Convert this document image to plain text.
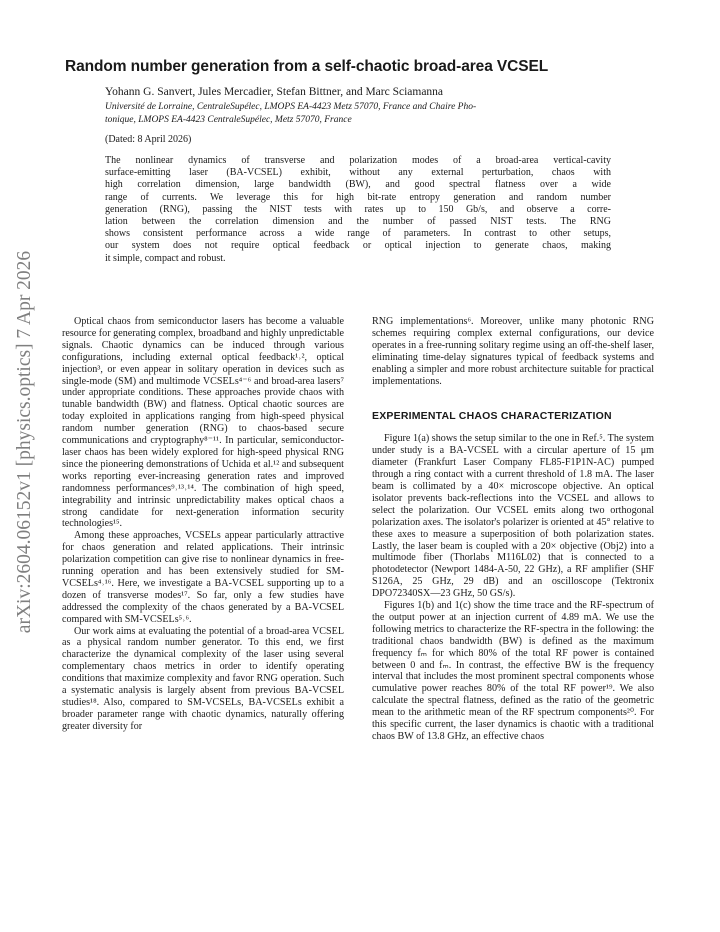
arXiv:2604.06152v1 [physics.optics] 7 Apr 2026
Random number generation from a self-chaotic broad-area VCSEL
Yohann G. Sanvert, Jules Mercadier, Stefan Bittner, and Marc Sciamanna
Université de Lorraine, CentraleSupélec, LMOPS EA-4423 Metz 57070, France and Chaire Pho-
tonique, LMOPS EA-4423 CentraleSupélec, Metz 57070, France
(Dated: 8 April 2026)
The nonlinear dynamics of transverse and polarization modes of a broad-area vertical-cavity
surface-emitting laser (BA-VCSEL) exhibit, without any external perturbation, chaos with
high correlation dimension, large bandwidth (BW), and good spectral flatness over a wide
range of currents. We leverage this for high bit-rate entropy generation and random number
generation (RNG), passing the NIST tests with rates up to 150 Gb/s, and observe a corre-
lation between the correlation dimension and the number of passed NIST tests. The RNG
shows consistent performance across a wide range of parameters. In contrast to other setups,
our system does not require optical feedback or optical injection to generate chaos, making
it simple, compact and robust.

Optical chaos from semiconductor lasers has become a valuable resource for generating complex, broadband and highly unpredictable signals. Chaotic dynamics can be induced through various configurations, including external optical feedback¹˒², optical injection³, or even appear in solitary operation in devices such as single-mode (SM) and multimode VCSELs⁴⁻⁶ and broad-area lasers⁷ under appropriate conditions. These approaches provide chaos with tunable bandwidth (BW) and flatness. Optical chaotic sources are today exploited in applications ranging from high-speed physical random number generation (RNG) to chaos-based secure communications and cryptography⁸⁻¹¹. In particular, semiconductor-laser chaos has been widely explored for high-speed physical RNG since the pioneering demonstrations of Uchida et al.¹² and subsequent works reporting ever-increasing generation rates and improved randomness performances⁹˒¹³˒¹⁴. The combination of high speed, integrability and intrinsic unpredictability makes optical chaos a strong candidate for next-generation information security technologies¹⁵.

Among these approaches, VCSELs appear particularly attractive for chaos generation and related applications. Their intrinsic polarization competition can give rise to nonlinear dynamics in free-running operation and has been extensively studied for SM-VCSELs⁴˒¹⁶. Here, we investigate a BA-VCSEL supporting up to a dozen of transverse modes¹⁷. So far, only a few studies have addressed the complexity of the chaos generated by a BA-VCSEL compared with SM-VCSELs⁵˒⁶.

Our work aims at evaluating the potential of a broad-area VCSEL as a physical random number generator. To this end, we first characterize the dynamical complexity of the laser using several complementary chaos metrics in order to identify operating conditions that maximize complexity and favor RNG operation. Such a systematic analysis is largely absent from previous BA-VCSEL studies¹⁸. Also, compared to SM-VCSELs, BA-VCSELs exhibit a broader parameter range with chaotic dynamics, naturally offering greater diversity for

RNG implementations⁶. Moreover, unlike many photonic RNG schemes requiring complex external configurations, our device operates in a free-running solitary regime using an off-the-shelf laser, eliminating time-delay signatures typical of feedback systems and enabling a simpler and more robust architecture suitable for practical implementations.

EXPERIMENTAL CHAOS CHARACTERIZATION

Figure 1(a) shows the setup similar to the one in Ref.⁵. The system under study is a BA-VCSEL with a circular aperture of 15 μm diameter (Frankfurt Laser Company FL85-F1P1N-AC) pumped through a ring contact with a current threshold of 1.8 mA. The laser beam is collimated by a 40× microscope objective. An optical isolator prevents back-reflections into the VCSEL and allows to select the polarization. Our VCSEL emits along two orthogonal polarization axes. The isolator's polarizer is oriented at 45° relative to these axes to measure a superposition of both polarization states. Lastly, the laser beam is coupled with a 20× objective (Obj2) into a multimode fiber (Thorlabs M116L02) that is connected to a photodetector (Newport 1484-A-50, 22 GHz), a RF amplifier (SHF S126A, 25 GHz, 29 dB) and an oscilloscope (Tektronix DPO72340SX—23 GHz, 50 GS/s).

Figures 1(b) and 1(c) show the time trace and the RF-spectrum of the output power at an injection current of 4.89 mA. We use the following metrics to characterize the RF-spectra in the following: the traditional chaos bandwidth (BW) is defined as the maximum frequency fₘ for which 80% of the total RF power is contained between 0 and fₘ. In contrast, the effective BW is the frequency interval that includes the most prominent spectral components whose cumulative power reaches 80% of the total RF power¹⁹. We also calculate the spectral flatness, defined as the ratio of the geometric mean to the arithmetic mean of the RF spectrum components²⁰. For this specific current, the laser dynamics is chaotic with a traditional chaos BW of 13.8 GHz, an effective chaos
